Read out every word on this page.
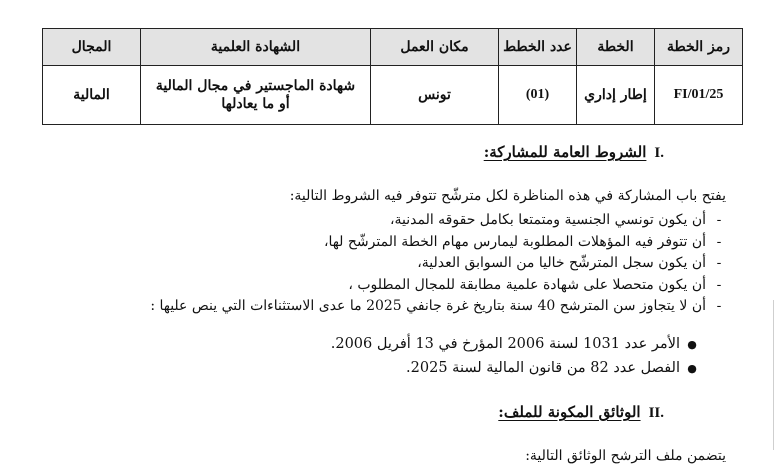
رمز الخطة	الخطة	عدد الخطط	مكان العمل	الشهادة العلمية	المجال
FI/01/25	إطار إداري	(01)	تونس	شهادة الماجستير في مجال المالية
أو ما يعادلها	المالية
I.
الشروط العامة للمشاركة:
يفتح باب المشاركة في هذه المناظرة لكل مترشّح تتوفر فيه الشروط التالية:
-أن يكون تونسي الجنسية ومتمتعا بكامل حقوقه المدنية،
-أن تتوفر فيه المؤهلات المطلوبة ليمارس مهام الخطة المترشّح لها،
-أن يكون سجل المترشّح خاليا من السوابق العدلية،
-أن يكون متحصلا على شهادة علمية مطابقة للمجال المطلوب ،
-أن لا يتجاوز سن المترشح 40 سنة بتاريخ غرة جانفي 2025 ما عدى الاستثناءات التي ينص عليها :
●الأمر عدد 1031 لسنة 2006 المؤرخ في 13 أفريل 2006.
●الفصل عدد 82 من قانون المالية لسنة 2025.
II.
الوثائق المكونة للملف:
يتضمن ملف الترشح الوثائق التالية:
